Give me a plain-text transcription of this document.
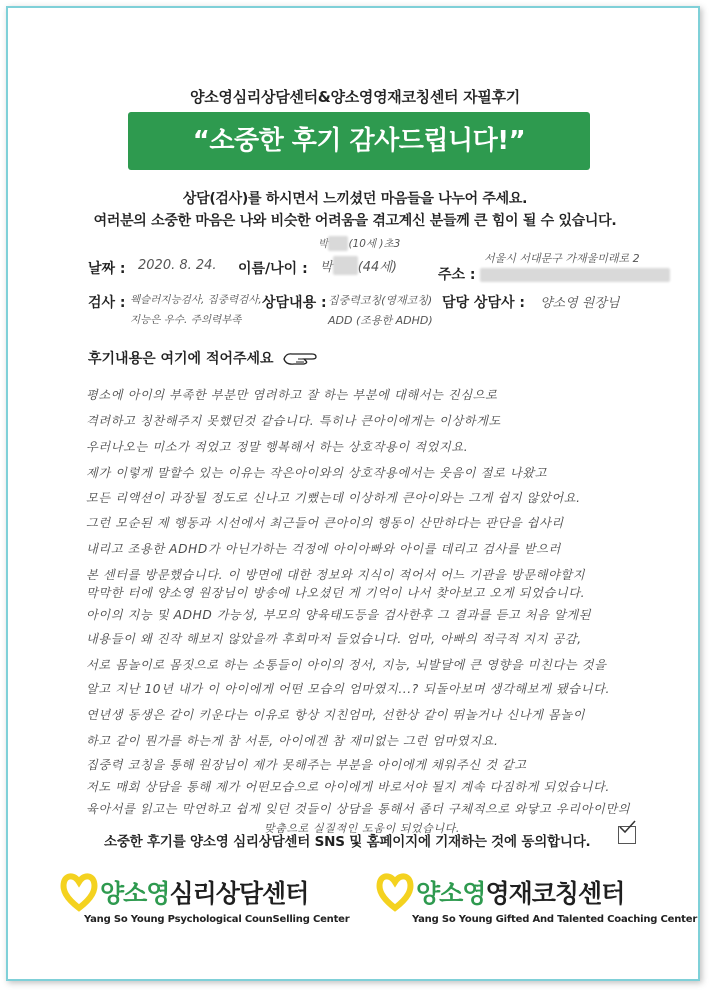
양소영심리상담센터&양소영영재코칭센터 자필후기
“소중한 후기 감사드립니다!”
상담(검사)를 하시면서 느끼셨던 마음들을 나누어 주세요.
여러분의 소중한 마음은 나와 비슷한 어려움을 겪고계신 분들께 큰 힘이 될 수 있습니다.
날짜 : 2020. 8. 24.
박 (10세 )초3
이름/나이 : 박 (44세)	주소 :
서울시 서대문구 가재울미래로 2
검사 : 웩슬러지능검사, 집중력검사,
지능은 우수. 주의력부족
상담내용 : 집중력코칭(영재코칭)
ADD (조용한 ADHD)
담당 상담사 : 양소영 원장님
후기내용은 여기에 적어주세요
평소에 아이의 부족한 부분만 염려하고 잘 하는 부분에 대해서는 진심으로
격려하고 칭찬해주지 못했던것 같습니다. 특히나 큰아이에게는 이상하게도
우러나오는 미소가 적었고 정말 행복해서 하는 상호작용이 적었지요.
제가 이렇게 말할수 있는 이유는 작은아이와의 상호작용에서는 웃음이 절로 나왔고
모든 리액션이 과장될 정도로 신나고 기뻤는데 이상하게 큰아이와는 그게 쉽지 않았어요.
그런 모순된 제 행동과 시선에서 최근들어 큰아이의 행동이 산만하다는 판단을 쉽사리
내리고 조용한 ADHD가 아닌가하는 걱정에 아이아빠와 아이를 데리고 검사를 받으러
본 센터를 방문했습니다. 이 방면에 대한 정보와 지식이 적어서 어느 기관을 방문해야할지
막막한 터에 양소영 원장님이 방송에 나오셨던 게 기억이 나서 찾아보고 오게 되었습니다.
아이의 지능 및 ADHD 가능성, 부모의 양육태도등을 검사한후 그 결과를 듣고 처음 알게된
내용들이 왜 진작 해보지 않았을까 후회마저 들었습니다. 엄마, 아빠의 적극적 지지 공감,
서로 몸놀이로 몸짓으로 하는 소통들이 아이의 정서, 지능, 뇌발달에 큰 영향을 미친다는 것을
알고 지난 10년 내가 이 아이에게 어떤 모습의 엄마였지...? 되돌아보며 생각해보게 됐습니다.
연년생 동생은 같이 키운다는 이유로 항상 지친엄마, 선한상 같이 뛰놀거나 신나게 몸놀이
하고 같이 뭔가를 하는게 참 서툰, 아이에겐 참 재미없는 그런 엄마였지요.
집중력 코칭을 통해 원장님이 제가 못해주는 부분을 아이에게 채워주신 것 같고
저도 매회 상담을 통해 제가 어떤모습으로 아이에게 바로서야 될지 계속 다짐하게 되었습니다.
육아서를 읽고는 막연하고 쉽게 잊던 것들이 상담을 통해서 좀더 구체적으로 와닿고 우리아이만의
맞춤으로 실질적인 도움이 되었습니다.
소중한 후기를 양소영 심리상담센터 SNS 및 홈페이지에 기재하는 것에 동의합니다.
양소영심리상담센터
Yang So Young Psychological CounSelling Center
양소영영재코칭센터
Yang So Young Gifted And Talented Coaching Center
